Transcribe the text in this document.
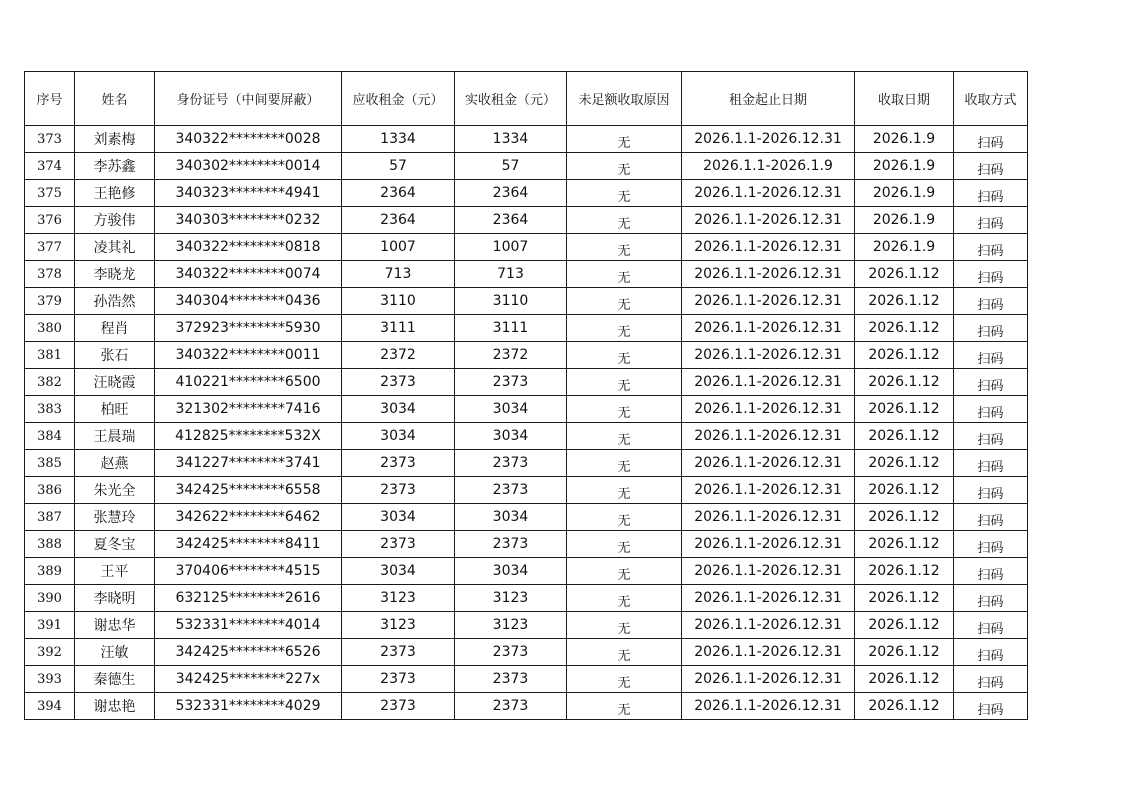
序号	姓名	身份证号（中间要屏蔽）	应收租金（元）	实收租金（元）	未足额收取原因	租金起止日期	收取日期	收取方式
373	刘素梅	340322********0028	1334	1334	无	2026.1.1-2026.12.31	2026.1.9	扫码
374	李苏鑫	340302********0014	57	57	无	2026.1.1-2026.1.9	2026.1.9	扫码
375	王艳修	340323********4941	2364	2364	无	2026.1.1-2026.12.31	2026.1.9	扫码
376	方骏伟	340303********0232	2364	2364	无	2026.1.1-2026.12.31	2026.1.9	扫码
377	凌其礼	340322********0818	1007	1007	无	2026.1.1-2026.12.31	2026.1.9	扫码
378	李晓龙	340322********0074	713	713	无	2026.1.1-2026.12.31	2026.1.12	扫码
379	孙浩然	340304********0436	3110	3110	无	2026.1.1-2026.12.31	2026.1.12	扫码
380	程肖	372923********5930	3111	3111	无	2026.1.1-2026.12.31	2026.1.12	扫码
381	张石	340322********0011	2372	2372	无	2026.1.1-2026.12.31	2026.1.12	扫码
382	汪晓霞	410221********6500	2373	2373	无	2026.1.1-2026.12.31	2026.1.12	扫码
383	柏旺	321302********7416	3034	3034	无	2026.1.1-2026.12.31	2026.1.12	扫码
384	王晨瑞	412825********532X	3034	3034	无	2026.1.1-2026.12.31	2026.1.12	扫码
385	赵燕	341227********3741	2373	2373	无	2026.1.1-2026.12.31	2026.1.12	扫码
386	朱光全	342425********6558	2373	2373	无	2026.1.1-2026.12.31	2026.1.12	扫码
387	张慧玲	342622********6462	3034	3034	无	2026.1.1-2026.12.31	2026.1.12	扫码
388	夏冬宝	342425********8411	2373	2373	无	2026.1.1-2026.12.31	2026.1.12	扫码
389	王平	370406********4515	3034	3034	无	2026.1.1-2026.12.31	2026.1.12	扫码
390	李晓明	632125********2616	3123	3123	无	2026.1.1-2026.12.31	2026.1.12	扫码
391	谢忠华	532331********4014	3123	3123	无	2026.1.1-2026.12.31	2026.1.12	扫码
392	汪敏	342425********6526	2373	2373	无	2026.1.1-2026.12.31	2026.1.12	扫码
393	秦德生	342425********227x	2373	2373	无	2026.1.1-2026.12.31	2026.1.12	扫码
394	谢忠艳	532331********4029	2373	2373	无	2026.1.1-2026.12.31	2026.1.12	扫码
